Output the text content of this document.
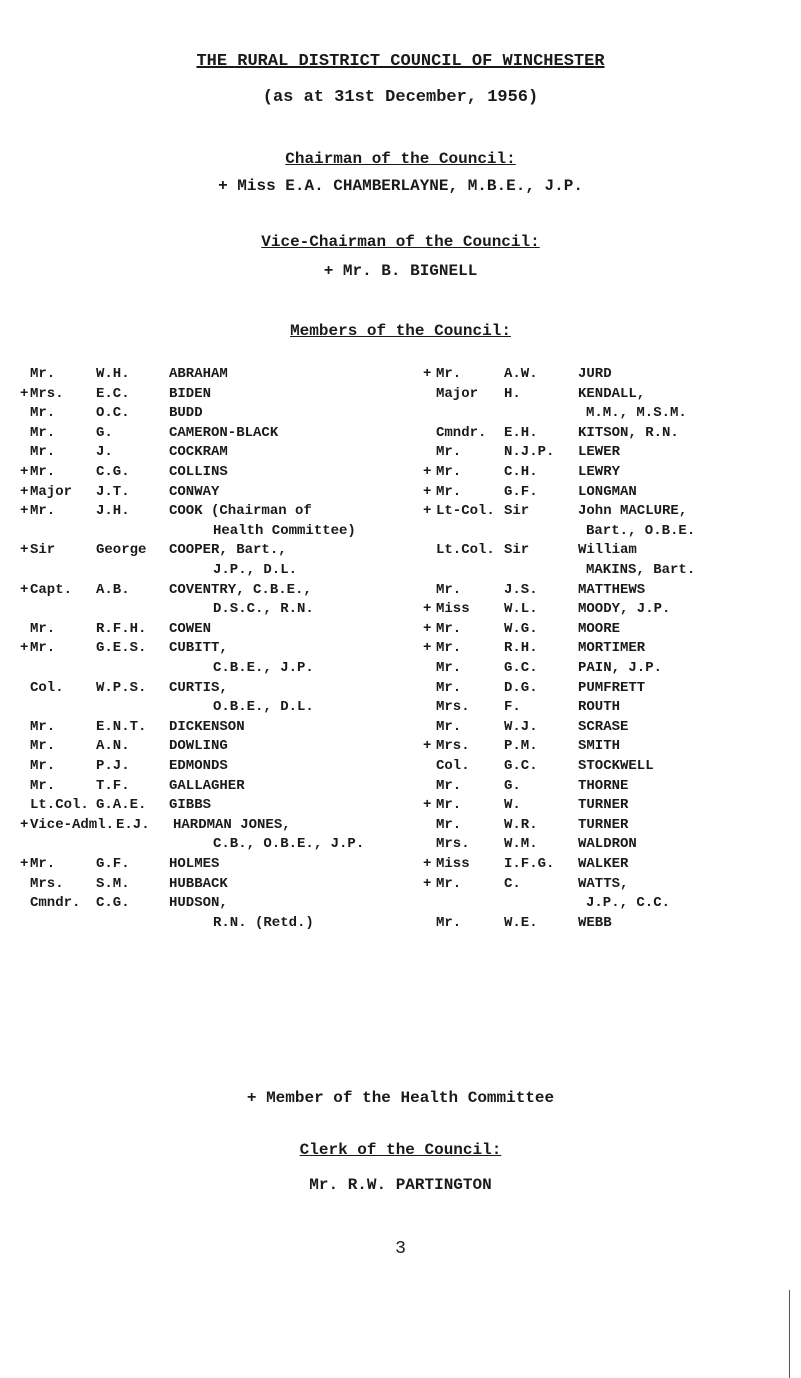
THE RURAL DISTRICT COUNCIL OF WINCHESTER
(as at 31st December, 1956)
Chairman of the Council:
+ Miss E.A. CHAMBERLAYNE, M.B.E., J.P.
Vice-Chairman of the Council:
+ Mr. B. BIGNELL
Members of the Council:
Mr.	W.H.	ABRAHAM
+ Mrs. E.C.	BIDEN
Mr.	O.C.	BUDD
Mr.	G.	CAMERON-BLACK
Mr.	J.	COCKRAM
+ Mr.	C.G.	COLLINS
+ Major J.T.	CONWAY
+ Mr.	J.H.	COOK (Chairman of
Health Committee)
+ Sir	George COOPER, Bart.,
J.P., D.L.
+ Capt. A.B.	COVENTRY, C.B.E.,
D.S.C., R.N.
Mr.	R.F.H. COWEN
+ Mr.	G.E.S. CUBITT,
C.B.E., J.P.
Col. W.P.S. CURTIS,
O.B.E., D.L.
Mr.	E.N.T. DICKENSON
Mr.	A.N.	DOWLING
Mr.	P.J.	EDMONDS
Mr.	T.F.	GALLAGHER
Lt.Col. G.A.E. GIBBS
+ Vice-Adml. E.J. HARDMAN JONES,
C.B., O.B.E., J.P.
+ Mr.	G.F.	HOLMES
Mrs. S.M.	HUBBACK
Cmndr. C.G.	HUDSON,
R.N. (Retd.)
+ Mr.	A.W.	JURD
Major H.	KENDALL,
M.M., M.S.M.
Cmndr. E.H.	KITSON, R.N.
Mr.	N.J.P. LEWER
+ Mr.	C.H.	LEWRY
+ Mr.	G.F.	LONGMAN
+ Lt-Col. Sir	John MACLURE,
Bart., O.B.E.
Lt.Col. Sir	William
MAKINS, Bart.
Mr.	J.S.	MATTHEWS
+ Miss W.L.	MOODY, J.P.
+ Mr.	W.G.	MOORE
+ Mr.	R.H.	MORTIMER
Mr.	G.C.	PAIN, J.P.
Mr.	D.G.	PUMFRETT
Mrs. F.	ROUTH
Mr.	W.J.	SCRASE
+ Mrs. P.M.	SMITH
Col. G.C.	STOCKWELL
Mr.	G.	THORNE
+ Mr.	W.	TURNER
Mr.	W.R.	TURNER
Mrs. W.M.	WALDRON
+ Miss I.F.G. WALKER
+ Mr.	C.	WATTS,
J.P., C.C.
Mr.	W.E.	WEBB
+ Member of the Health Committee
Clerk of the Council:
Mr. R.W. PARTINGTON
3
